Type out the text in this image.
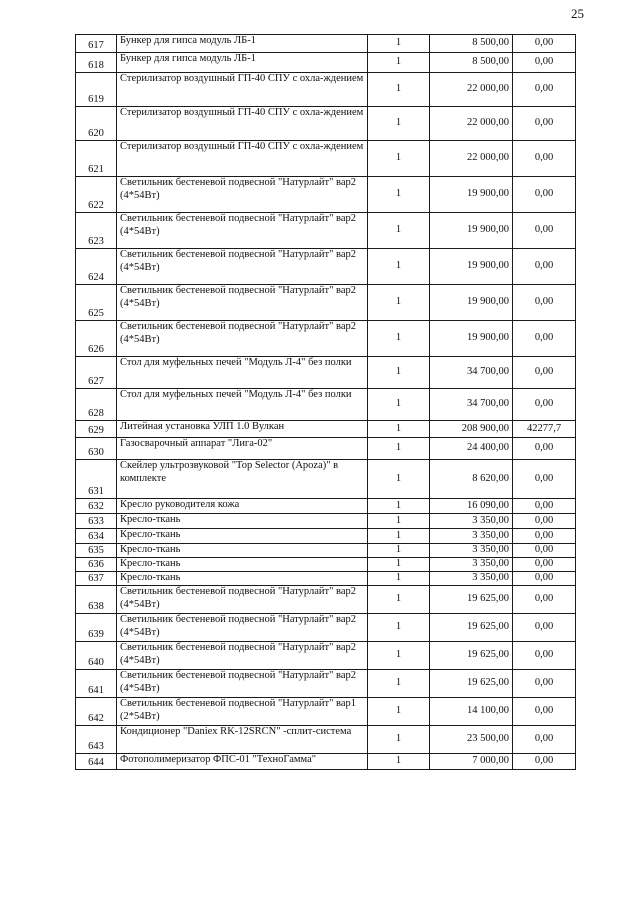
25
617	Бункер для гипса модуль ЛБ-1	1	8 500,00	0,00
618	Бункер для гипса модуль ЛБ-1	1	8 500,00	0,00
619	Стерилизатор воздушный ГП-40 СПУ с охла-ждением	1	22 000,00	0,00
620	Стерилизатор воздушный ГП-40 СПУ с охла-ждением	1	22 000,00	0,00
621	Стерилизатор воздушный ГП-40 СПУ с охла-ждением	1	22 000,00	0,00
622	Светильник бестеневой подвесной "Натурлайт" вар2 (4*54Вт)	1	19 900,00	0,00
623	Светильник бестеневой подвесной "Натурлайт" вар2 (4*54Вт)	1	19 900,00	0,00
624	Светильник бестеневой подвесной "Натурлайт" вар2 (4*54Вт)	1	19 900,00	0,00
625	Светильник бестеневой подвесной "Натурлайт" вар2 (4*54Вт)	1	19 900,00	0,00
626	Светильник бестеневой подвесной "Натурлайт" вар2 (4*54Вт)	1	19 900,00	0,00
627	Стол для муфельных печей "Модуль Л-4" без полки	1	34 700,00	0,00
628	Стол для муфельных печей "Модуль Л-4" без полки	1	34 700,00	0,00
629	Литейная установка УЛП 1.0 Вулкан	1	208 900,00	42277,7
630	Газосварочный аппарат "Лига-02"	1	24 400,00	0,00
631	Скейлер ультрозвуковой "Top Selector (Apoza)" в комплекте	1	8 620,00	0,00
632	Кресло руководителя кожа	1	16 090,00	0,00
633	Кресло-ткань	1	3 350,00	0,00
634	Кресло-ткань	1	3 350,00	0,00
635	Кресло-ткань	1	3 350,00	0,00
636	Кресло-ткань	1	3 350,00	0,00
637	Кресло-ткань	1	3 350,00	0,00
638	Светильник бестеневой подвесной "Натурлайт" вар2 (4*54Вт)	1	19 625,00	0,00
639	Светильник бестеневой подвесной "Натурлайт" вар2 (4*54Вт)	1	19 625,00	0,00
640	Светильник бестеневой подвесной "Натурлайт" вар2 (4*54Вт)	1	19 625,00	0,00
641	Светильник бестеневой подвесной "Натурлайт" вар2 (4*54Вт)	1	19 625,00	0,00
642	Светильник бестеневой подвесной "Натурлайт" вар1 (2*54Вт)	1	14 100,00	0,00
643	Кондиционер "Daniex RK-12SRCN" -сплит-система	1	23 500,00	0,00
644	Фотополимеризатор ФПС-01 "ТехноГамма"	1	7 000,00	0,00
